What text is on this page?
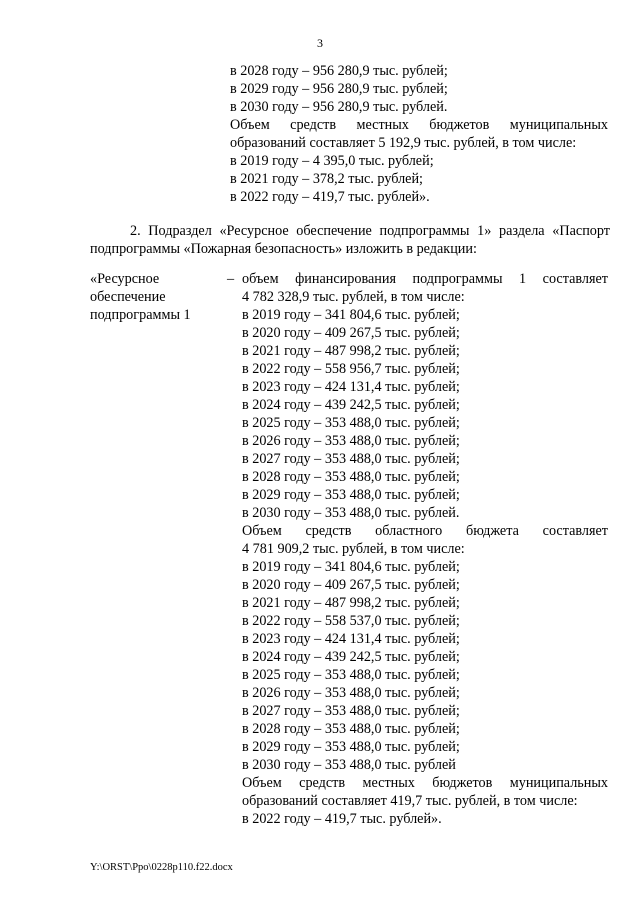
3
в 2028 году – 956 280,9 тыс. рублей;
в 2029 году – 956 280,9 тыс. рублей;
в 2030 году – 956 280,9 тыс. рублей.
Объем средств местных бюджетов муниципальных
образований составляет 5 192,9 тыс. рублей, в том числе:
в 2019 году – 4 395,0 тыс. рублей;
в 2021 году – 378,2 тыс. рублей;
в 2022 году – 419,7 тыс. рублей».
2. Подраздел «Ресурсное обеспечение подпрограммы 1» раздела «Паспорт
подпрограммы «Пожарная безопасность» изложить в редакции:
«Ресурсное
обеспечение
подпрограммы 1
– объем финансирования подпрограммы 1 составляет
4 782 328,9 тыс. рублей, в том числе:
в 2019 году – 341 804,6 тыс. рублей;
в 2020 году – 409 267,5 тыс. рублей;
в 2021 году – 487 998,2 тыс. рублей;
в 2022 году – 558 956,7 тыс. рублей;
в 2023 году – 424 131,4 тыс. рублей;
в 2024 году – 439 242,5 тыс. рублей;
в 2025 году – 353 488,0 тыс. рублей;
в 2026 году – 353 488,0 тыс. рублей;
в 2027 году – 353 488,0 тыс. рублей;
в 2028 году – 353 488,0 тыс. рублей;
в 2029 году – 353 488,0 тыс. рублей;
в 2030 году – 353 488,0 тыс. рублей.
Объем средств областного бюджета составляет
4 781 909,2 тыс. рублей, в том числе:
в 2019 году – 341 804,6 тыс. рублей;
в 2020 году – 409 267,5 тыс. рублей;
в 2021 году – 487 998,2 тыс. рублей;
в 2022 году – 558 537,0 тыс. рублей;
в 2023 году – 424 131,4 тыс. рублей;
в 2024 году – 439 242,5 тыс. рублей;
в 2025 году – 353 488,0 тыс. рублей;
в 2026 году – 353 488,0 тыс. рублей;
в 2027 году – 353 488,0 тыс. рублей;
в 2028 году – 353 488,0 тыс. рублей;
в 2029 году – 353 488,0 тыс. рублей;
в 2030 году – 353 488,0 тыс. рублей
Объем средств местных бюджетов муниципальных
образований составляет 419,7 тыс. рублей, в том числе:
в 2022 году – 419,7 тыс. рублей».
Y:\ORST\Ppo\0228p110.f22.docx
